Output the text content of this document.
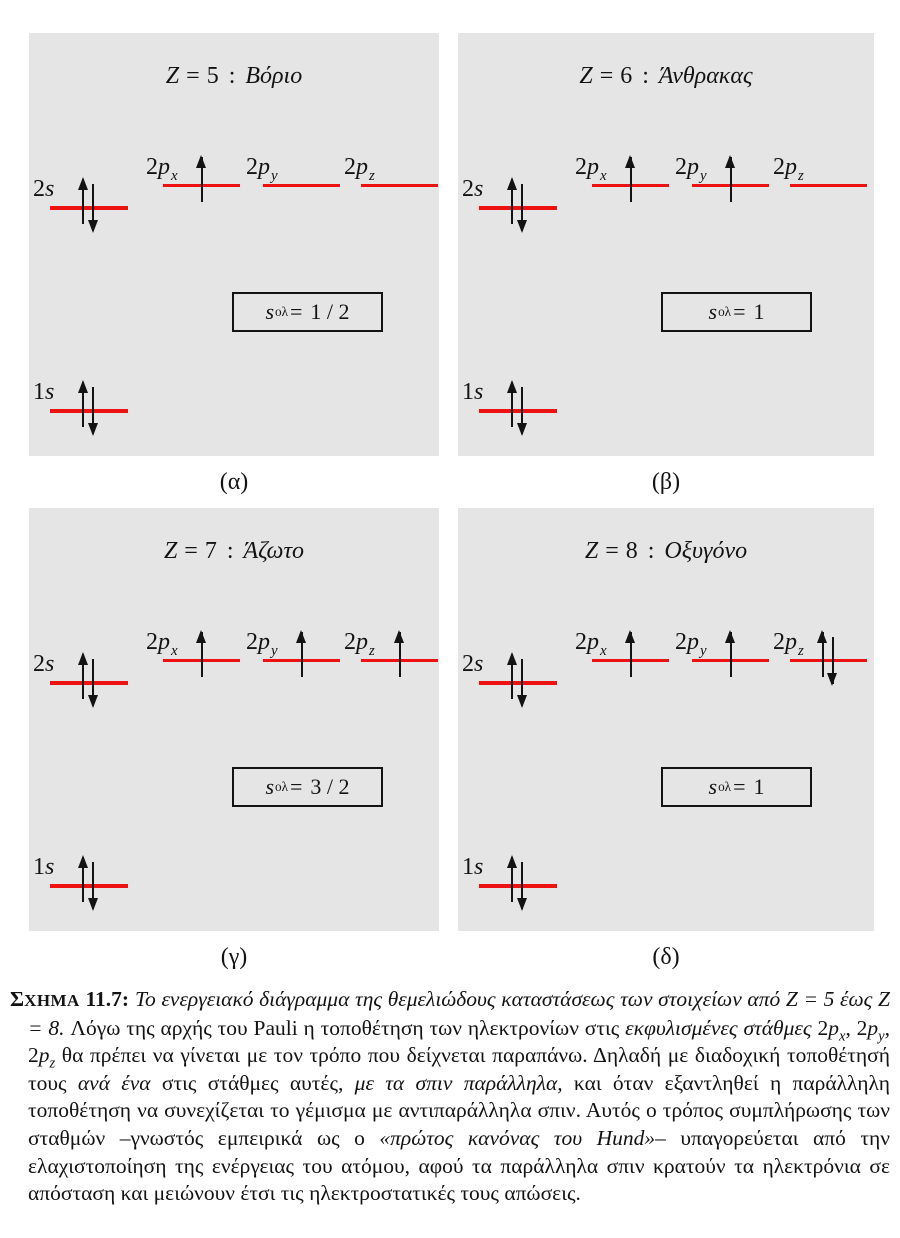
Z = 5 : Βόριο
2s
$2p_x$	$2p_y$	$2p_z$
1s
s ολ = 1 / 2
(α)
Z = 6 : Άνθρακας
2s
$2p_x$	$2p_y$	$2p_z$
1s
s ολ = 1
(β)
Z = 7 : Άζωτο
2s
$2p_x$	$2p_y$	$2p_z$
1s
s ολ = 3 / 2
(γ)
Z = 8 : Οξυγόνο
2s
$2p_x$	$2p_y$	$2p_z$
1s
s ολ = 1
(δ)

ΣΧΗΜΑ 11.7: Το ενεργειακό διάγραμμα της θεμελιώδους καταστάσεως των στοιχείων από Z = 5 έως Z = 8. Λόγω της αρχής του Pauli η τοποθέτηση των ηλεκτρονίων στις εκφυλισμένες στάθμες $2p_x$, $2p_y$, $2p_z$ θα πρέπει να γίνεται με τον τρόπο που δείχνεται παραπάνω. Δηλαδή με διαδοχική τοποθέτησή τους ανά ένα στις στάθμες αυτές, με τα σπιν παράλληλα, και όταν εξαντληθεί η παράλληλη τοποθέτηση να συνεχίζεται το γέμισμα με αντιπαράλληλα σπιν. Αυτός ο τρόπος συμπλήρωσης των σταθμών –γνωστός εμπειρικά ως ο «πρώτος κανόνας του Hund»– υπαγορεύεται από την ελαχιστοποίηση της ενέργειας του ατόμου, αφού τα παράλληλα σπιν κρατούν τα ηλεκτρόνια σε απόσταση και μειώνουν έτσι τις ηλεκτροστατικές τους απώσεις.
